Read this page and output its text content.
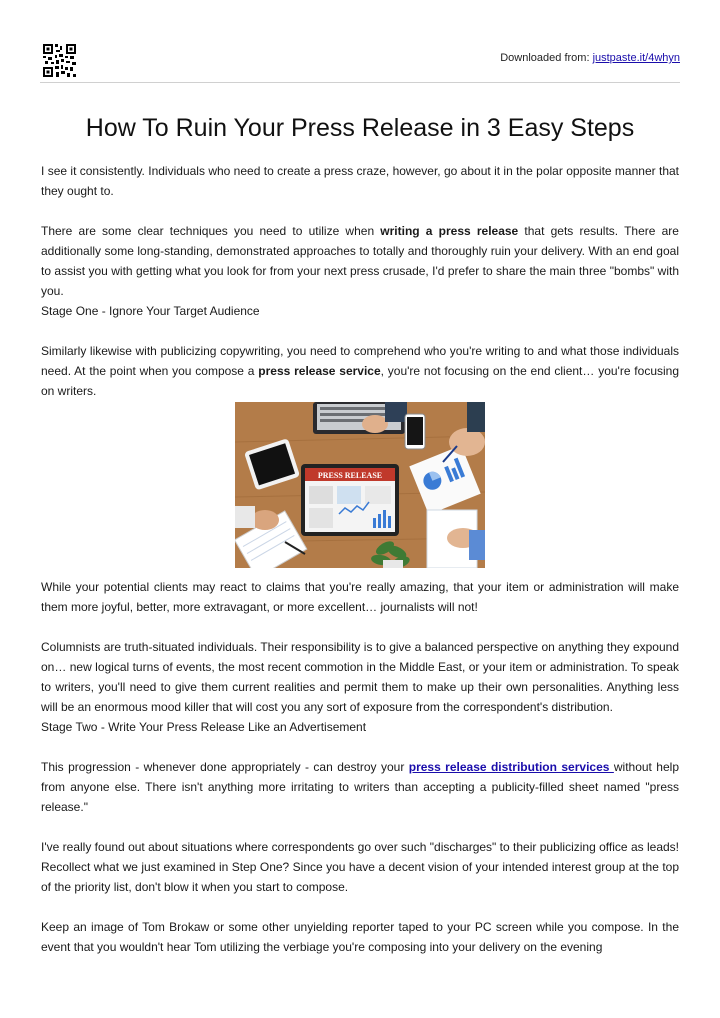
Downloaded from: justpaste.it/4whyn
How To Ruin Your Press Release in 3 Easy Steps

I see it consistently. Individuals who need to create a press craze, however, go about it in the polar opposite manner that they ought to.

There are some clear techniques you need to utilize when writing a press release that gets results. There are additionally some long-standing, demonstrated approaches to totally and thoroughly ruin your delivery. With an end goal to assist you with getting what you look for from your next press crusade, I'd prefer to share the main three "bombs" with you.

Stage One - Ignore Your Target Audience

Similarly likewise with publicizing copywriting, you need to comprehend who you're writing to and what those individuals need. At the point when you compose a press release service, you're not focusing on the end client… you're focusing on writers.

PRESS RELEASE

While your potential clients may react to claims that you're really amazing, that your item or administration will make them more joyful, better, more extravagant, or more excellent… journalists will not!

Columnists are truth-situated individuals. Their responsibility is to give a balanced perspective on anything they expound on… new logical turns of events, the most recent commotion in the Middle East, or your item or administration. To speak to writers, you'll need to give them current realities and permit them to make up their own personalities. Anything less will be an enormous mood killer that will cost you any sort of exposure from the correspondent's distribution.

Stage Two - Write Your Press Release Like an Advertisement

This progression - whenever done appropriately - can destroy your press release distribution services without help from anyone else. There isn't anything more irritating to writers than accepting a publicity-filled sheet named "press release."

I've really found out about situations where correspondents go over such "discharges" to their publicizing office as leads! Recollect what we just examined in Step One? Since you have a decent vision of your intended interest group at the top of the priority list, don't blow it when you start to compose.

Keep an image of Tom Brokaw or some other unyielding reporter taped to your PC screen while you compose. In the event that you wouldn't hear Tom utilizing the verbiage you're composing into your delivery on the evening
